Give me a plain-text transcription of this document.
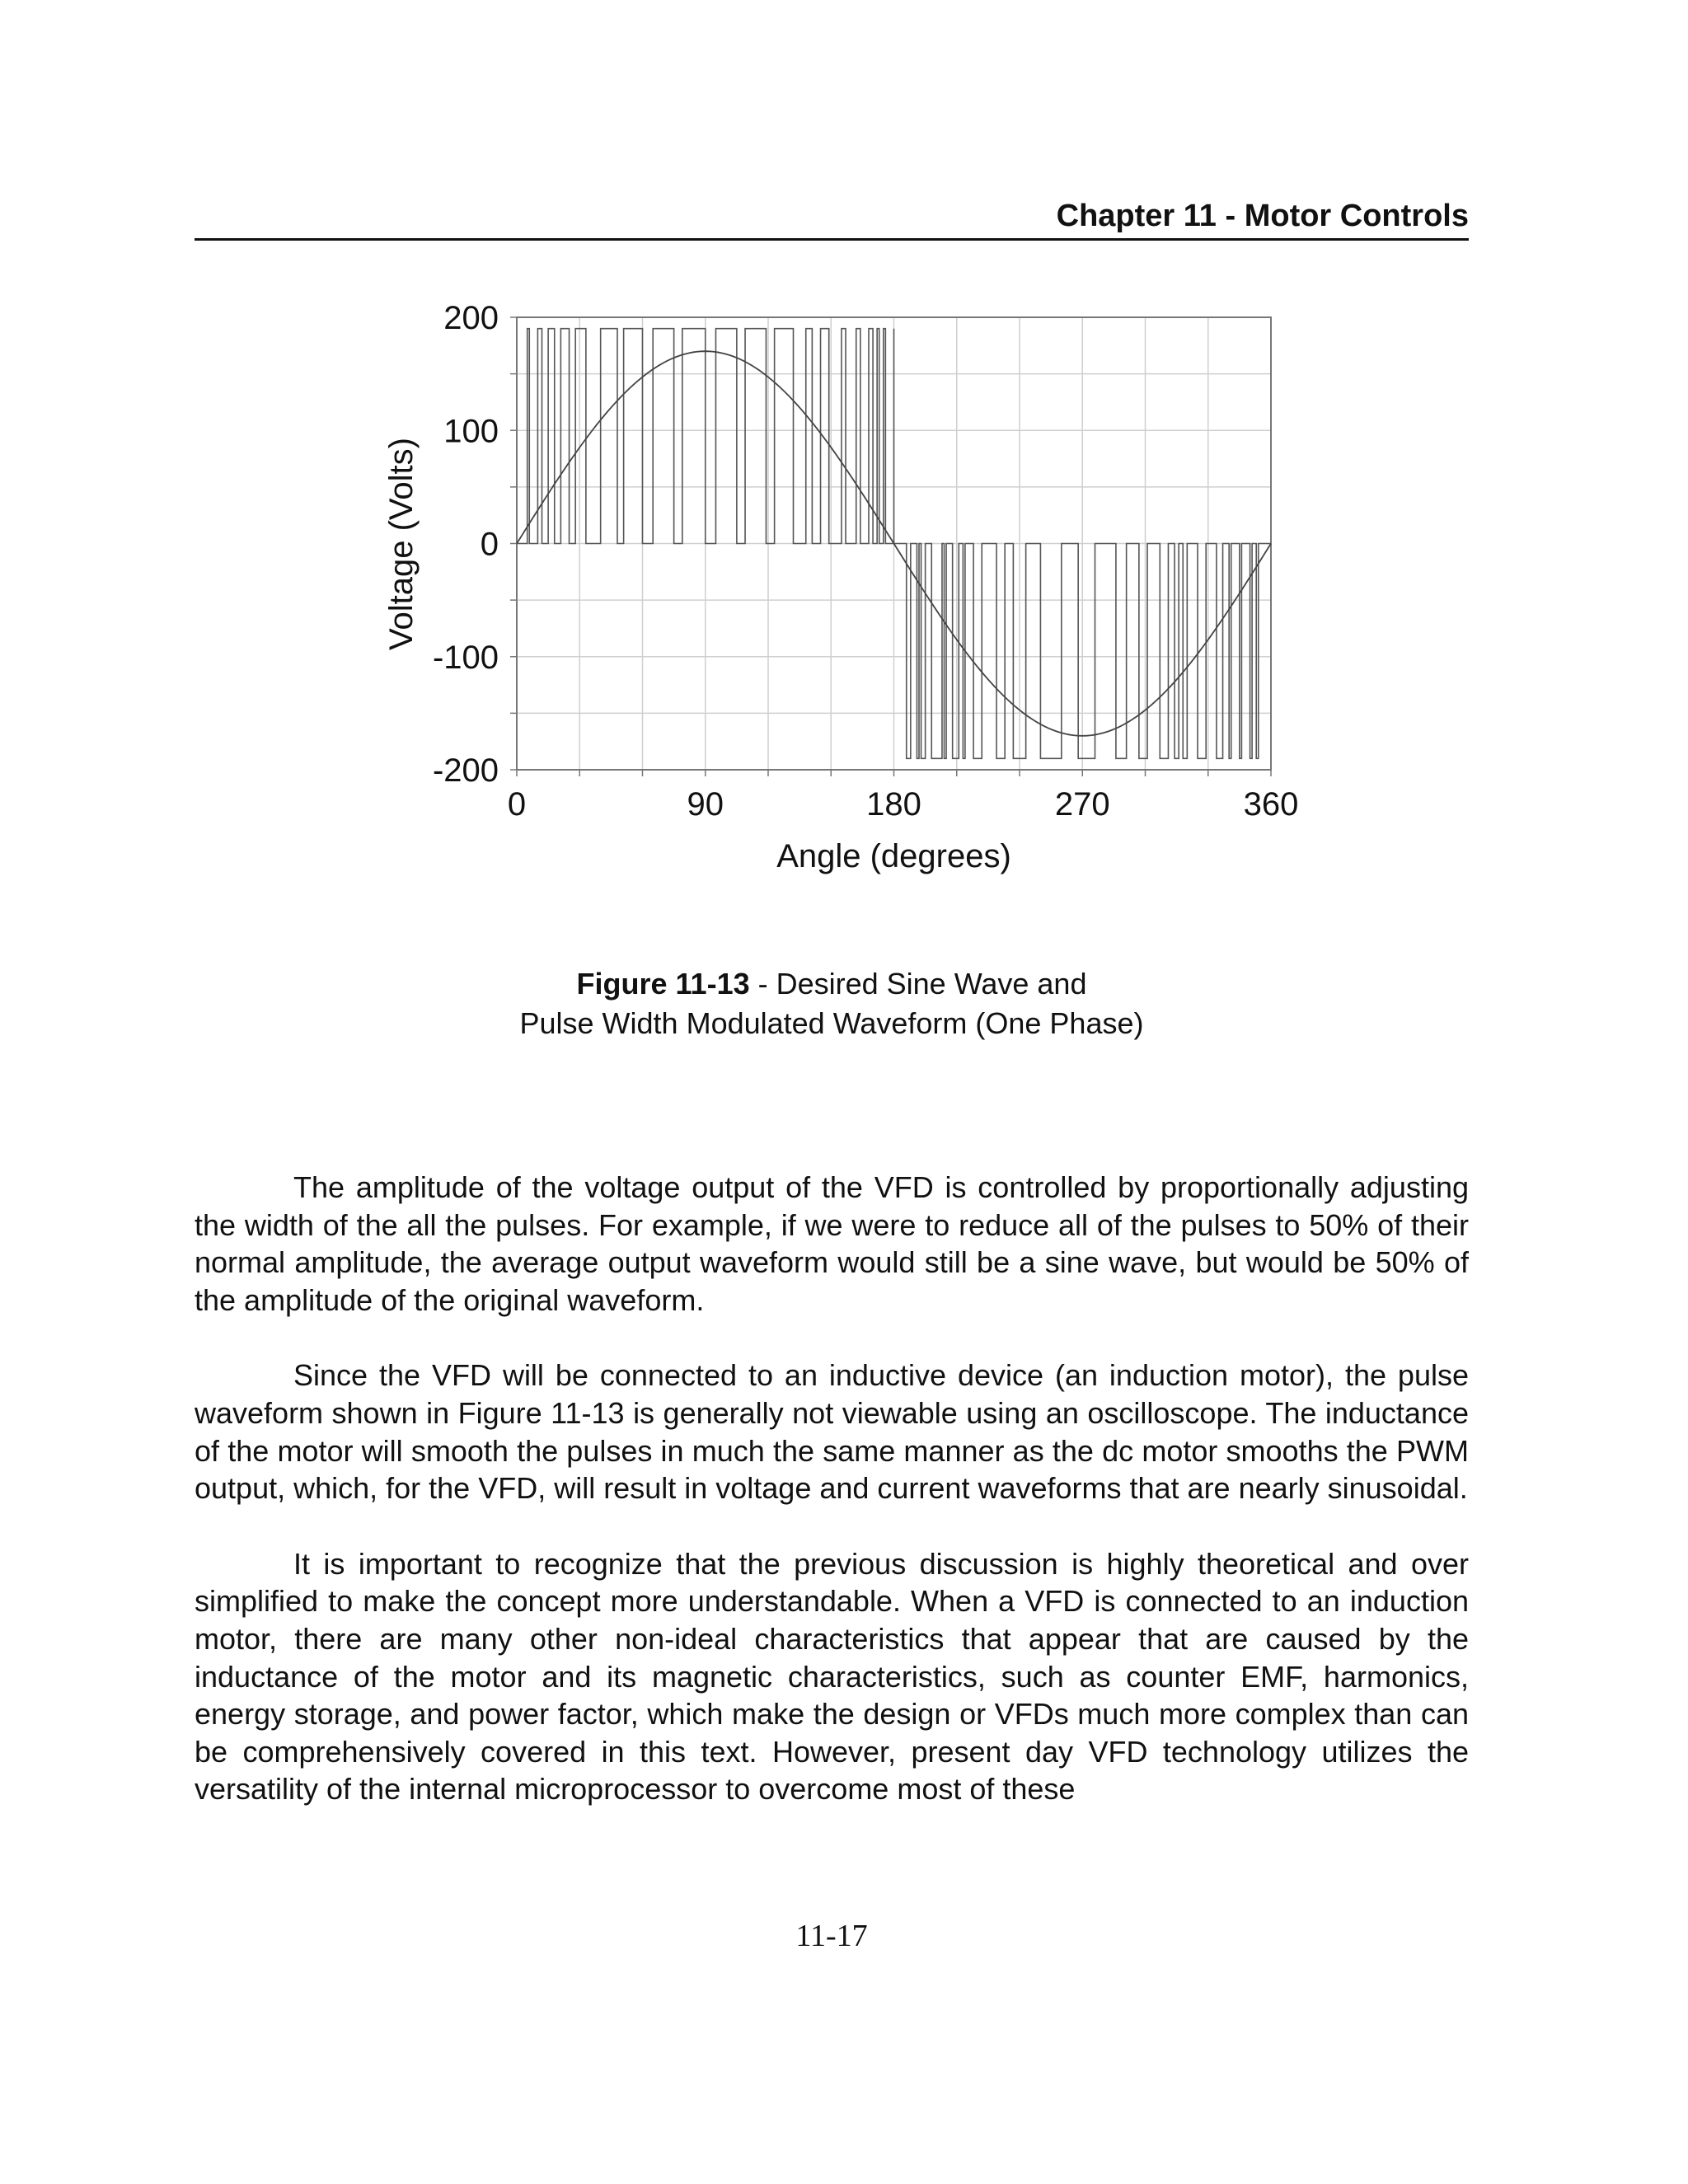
Chapter 11 - Motor Controls
200
100
0
-100
-200
0	90	180	270	360
Angle (degrees)
Voltage (Volts)
Figure 11-13 - Desired Sine Wave and
Pulse Width Modulated Waveform (One Phase)

The amplitude of the voltage output of the VFD is controlled by proportionally adjusting the width of the all the pulses. For example, if we were to reduce all of the pulses to 50% of their normal amplitude, the average output waveform would still be a sine wave, but would be 50% of the amplitude of the original waveform.

Since the VFD will be connected to an inductive device (an induction motor), the pulse waveform shown in Figure 11-13 is generally not viewable using an oscilloscope. The inductance of the motor will smooth the pulses in much the same manner as the dc motor smooths the PWM output, which, for the VFD, will result in voltage and current waveforms that are nearly sinusoidal.

It is important to recognize that the previous discussion is highly theoretical and over simplified to make the concept more understandable. When a VFD is connected to an induction motor, there are many other non-ideal characteristics that appear that are caused by the inductance of the motor and its magnetic characteristics, such as counter EMF, harmonics, energy storage, and power factor, which make the design or VFDs much more complex than can be comprehensively covered in this text. However, present day VFD technology utilizes the versatility of the internal microprocessor to overcome most of these

11-17
